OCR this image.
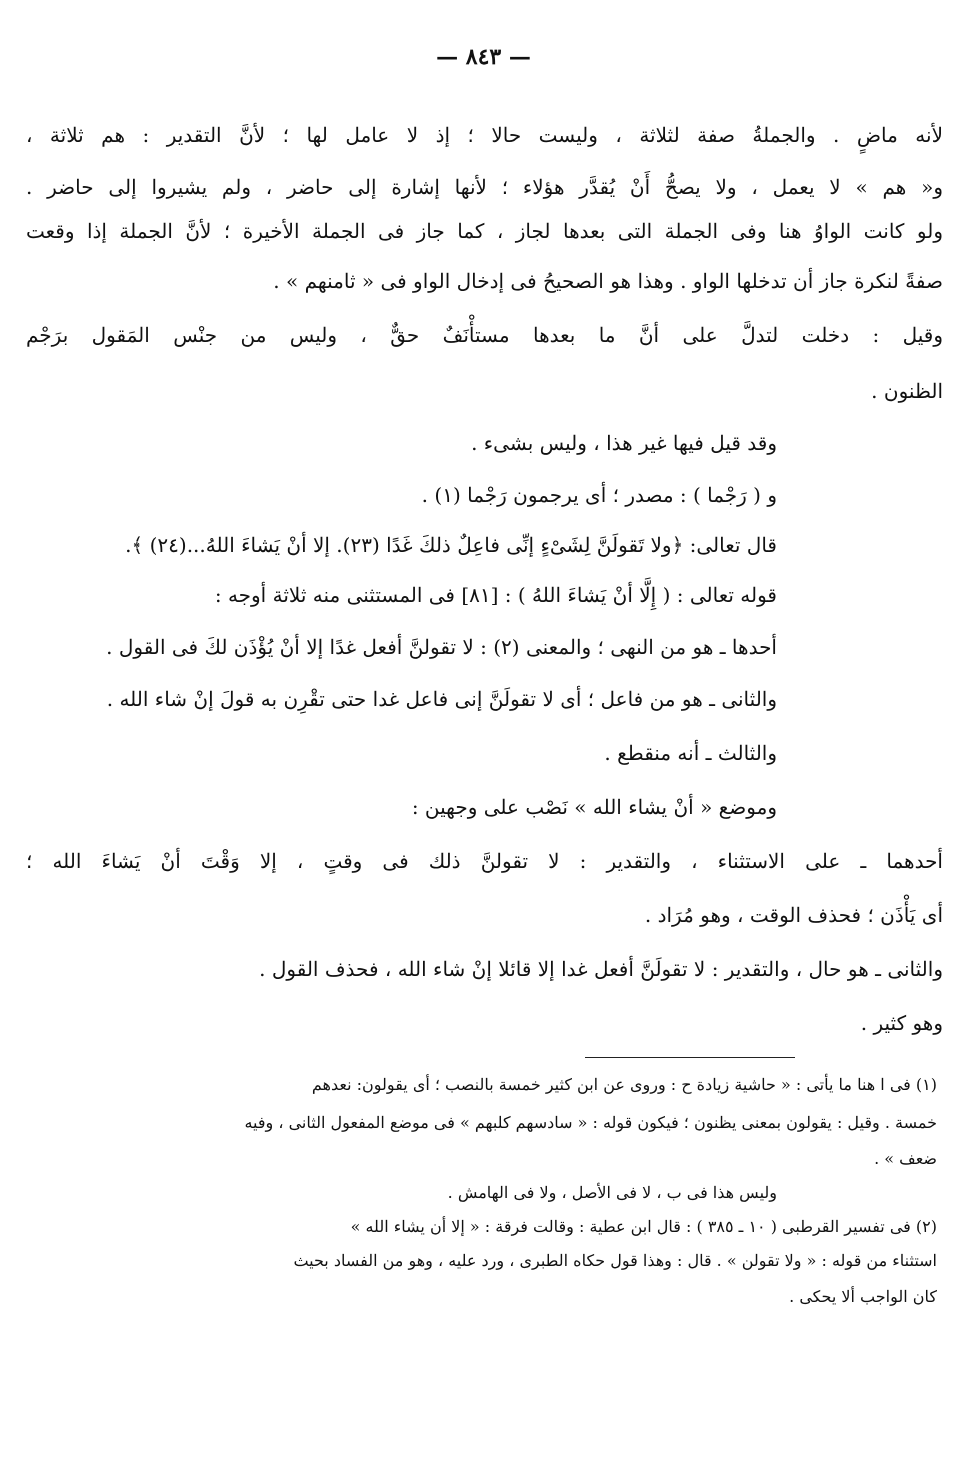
— ٨٤٣ —
لأنه ماضٍ . والجملةُ صفة لثلاثة ، وليست حالا ؛ إذ لا عامل لها ؛ لأنَّ التقدير : هم ثلاثة ،
و« هم » لا يعمل ، ولا يصحُّ أَنْ يُقدَّر هؤلاء ؛ لأنها إشارة إلى حاضر ، ولم يشيروا إلى حاضر .
ولو كانت الواوُ هنا وفى الجملة التى بعدها لجاز ، كما جاز فى الجملة الأخيرة ؛ لأنَّ الجملة إذا وقعت
صفةً لنكرة جاز أن تدخلها الواو . وهذا هو الصحيحُ فى إدخال الواو فى « ثامنهم » .
وقيل : دخلت لتدلَّ على أنَّ ما بعدها مستأْنَفٌ حقٌّ ، وليس من جنْس المَقول برَجْم
الظنون .
وقد قيل فيها غير هذا ، وليس بشىء .
و ( رَجْما ) : مصدر ؛ أى يرجمون رَجْما (١) .
قال تعالى: ﴿ولا تَقولَنَّ لِشَىْءٍ إنِّى فاعِلٌ ذلكَ غَدًا (٢٣). إلا أنْ يَشاءَ اللهُ...(٢٤) ﴾.
قوله تعالى : ( إِلَّا أنْ يَشاءَ اللهُ ) : [٨١] فى المستثنى منه ثلاثة أوجه :
أحدها ـ هو من النهى ؛ والمعنى (٢) : لا تقولنَّ أفعل غدًا إلا أنْ يُؤْذَن لكَ فى القول .
والثانى ـ هو من فاعل ؛ أى لا تقولَنَّ إنى فاعل غدا حتى تقْرِن به قولَ إنْ شاء الله .
والثالث ـ أنه منقطع .
وموضع « أنْ يشاء الله » نَصْب على وجهين :
أحدهما ـ على الاستثناء ، والتقدير : لا تقولنَّ ذلك فى وقتٍ ، إلا وَقْتَ أنْ يَشاءَ الله ؛
أى يَأْذَن ؛ فحذف الوقت ، وهو مُرَاد .
والثانى ـ هو حال ، والتقدير : لا تقولَنَّ أفعل غدا إلا قائلا إنْ شاء الله ، فحذف القول .
وهو كثير .
(١) فى ا هنا ما يأتى : « حاشية زيادة ح : وروى عن ابن كثير خمسة بالنصب ؛ أى يقولون: نعدهم
خمسة . وقيل : يقولون بمعنى يظنون ؛ فيكون قوله : « سادسهم كلبهم » فى موضع المفعول الثانى ، وفيه
ضعف » .
وليس هذا فى ب ، لا فى الأصل ، ولا فى الهامش .
(٢) فى تفسير القرطبى ( ١٠ ـ ٣٨٥ ) : قال ابن عطية : وقالت فرقة : « إلا أن يشاء الله »
استثناء من قوله : « ولا تقولن » . قال : وهذا قول حكاه الطبرى ، ورد عليه ، وهو من الفساد بحيث
كان الواجب ألا يحكى .
